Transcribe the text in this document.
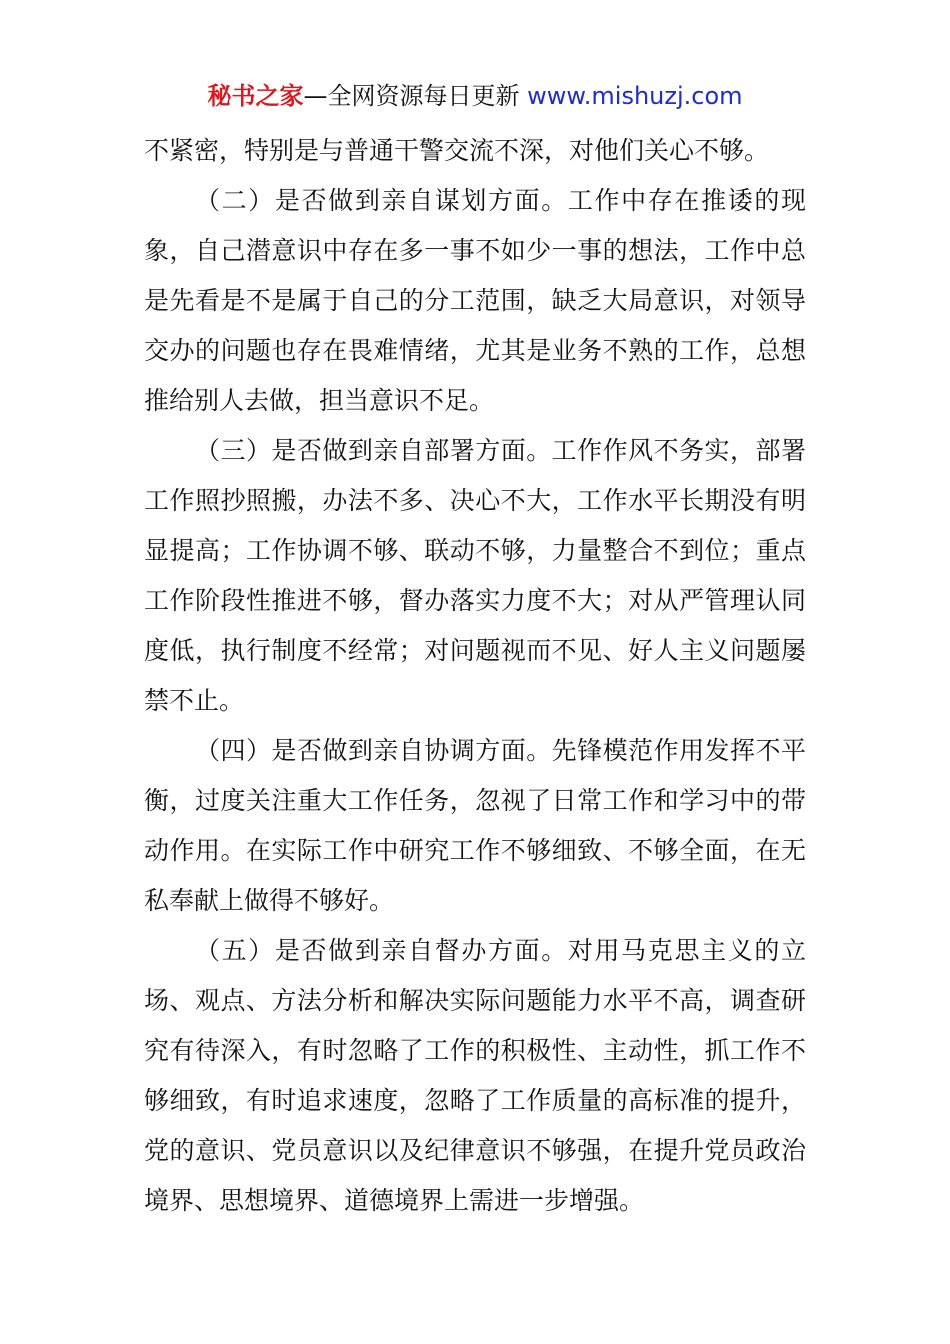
秘书之家—全网资源每日更新 www.mishuzj.com

不紧密，特别是与普通干警交流不深，对他们关心不够。

（二）是否做到亲自谋划方面。工作中存在推诿的现象，自己潜意识中存在多一事不如少一事的想法，工作中总是先看是不是属于自己的分工范围，缺乏大局意识，对领导交办的问题也存在畏难情绪，尤其是业务不熟的工作，总想推给别人去做，担当意识不足。

（三）是否做到亲自部署方面。工作作风不务实，部署工作照抄照搬，办法不多、决心不大，工作水平长期没有明显提高；工作协调不够、联动不够，力量整合不到位；重点工作阶段性推进不够，督办落实力度不大；对从严管理认同度低，执行制度不经常；对问题视而不见、好人主义问题屡禁不止。

（四）是否做到亲自协调方面。先锋模范作用发挥不平衡，过度关注重大工作任务，忽视了日常工作和学习中的带动作用。在实际工作中研究工作不够细致、不够全面，在无私奉献上做得不够好。

（五）是否做到亲自督办方面。对用马克思主义的立场、观点、方法分析和解决实际问题能力水平不高，调查研究有待深入，有时忽略了工作的积极性、主动性，抓工作不够细致，有时追求速度，忽略了工作质量的高标准的提升，党的意识、党员意识以及纪律意识不够强，在提升党员政治境界、思想境界、道德境界上需进一步增强。
